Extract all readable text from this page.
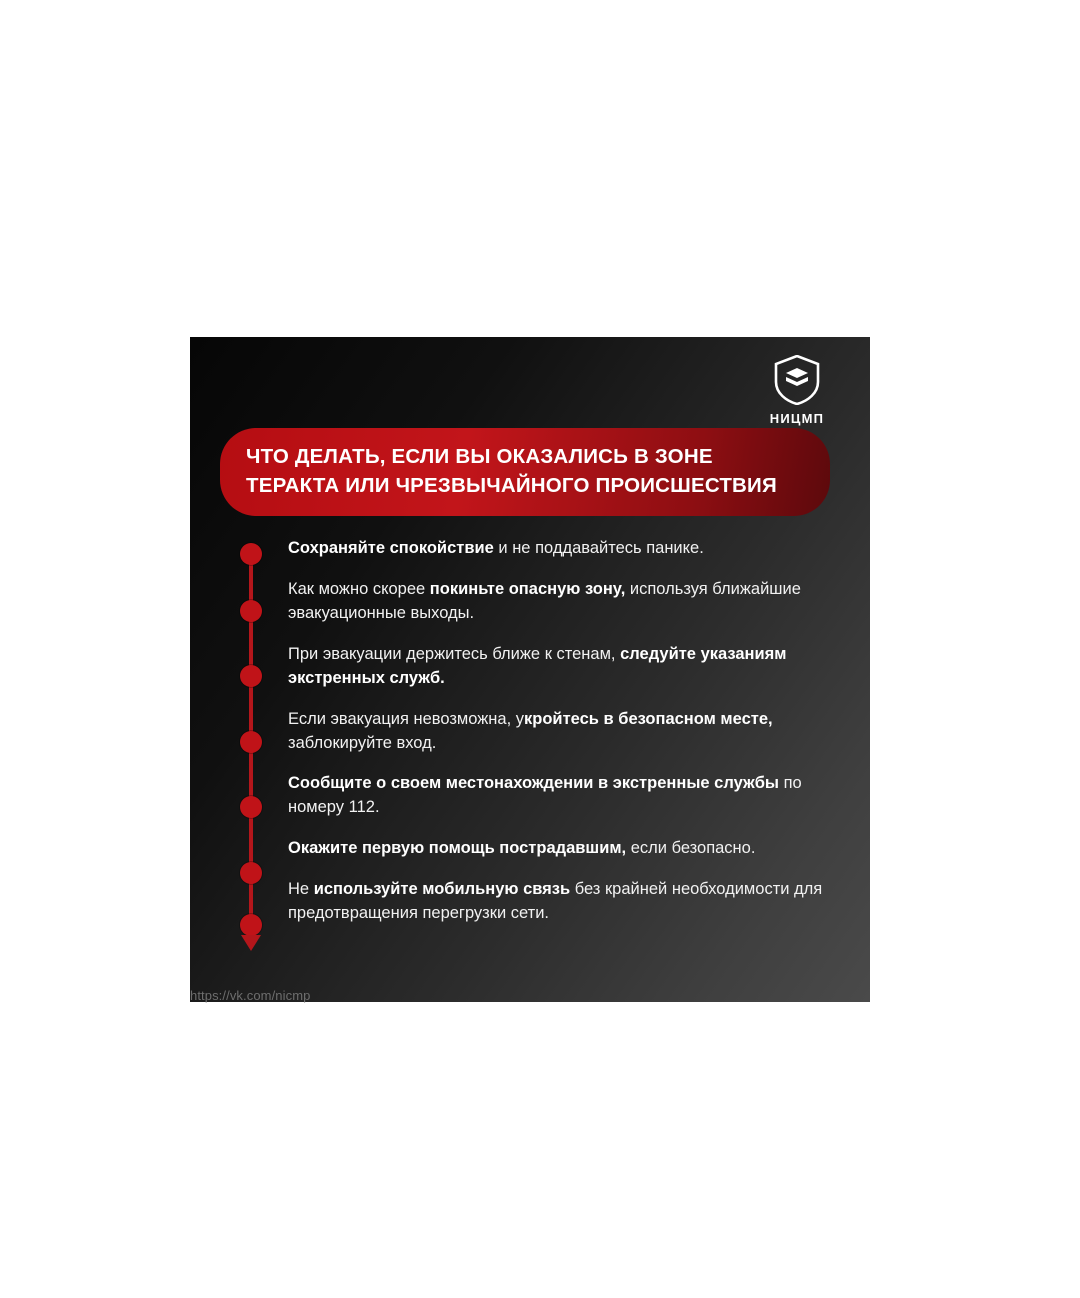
НИЦМП
ЧТО ДЕЛАТЬ, ЕСЛИ ВЫ ОКАЗАЛИСЬ В ЗОНЕ ТЕРАКТА ИЛИ ЧРЕЗВЫЧАЙНОГО ПРОИСШЕСТВИЯ
Сохраняйте спокойствие и не поддавайтесь панике.
Как можно скорее покиньте опасную зону, используя ближайшие эвакуационные выходы.
При эвакуации держитесь ближе к стенам, следуйте указаниям экстренных служб.
Если эвакуация невозможна, укройтесь в безопасном месте, заблокируйте вход.
Сообщите о своем местонахождении в экстренные службы по номеру 112.
Окажите первую помощь пострадавшим, если безопасно.
Не используйте мобильную связь без крайней необходимости для предотвращения перегрузки сети.
https://vk.com/nicmp
